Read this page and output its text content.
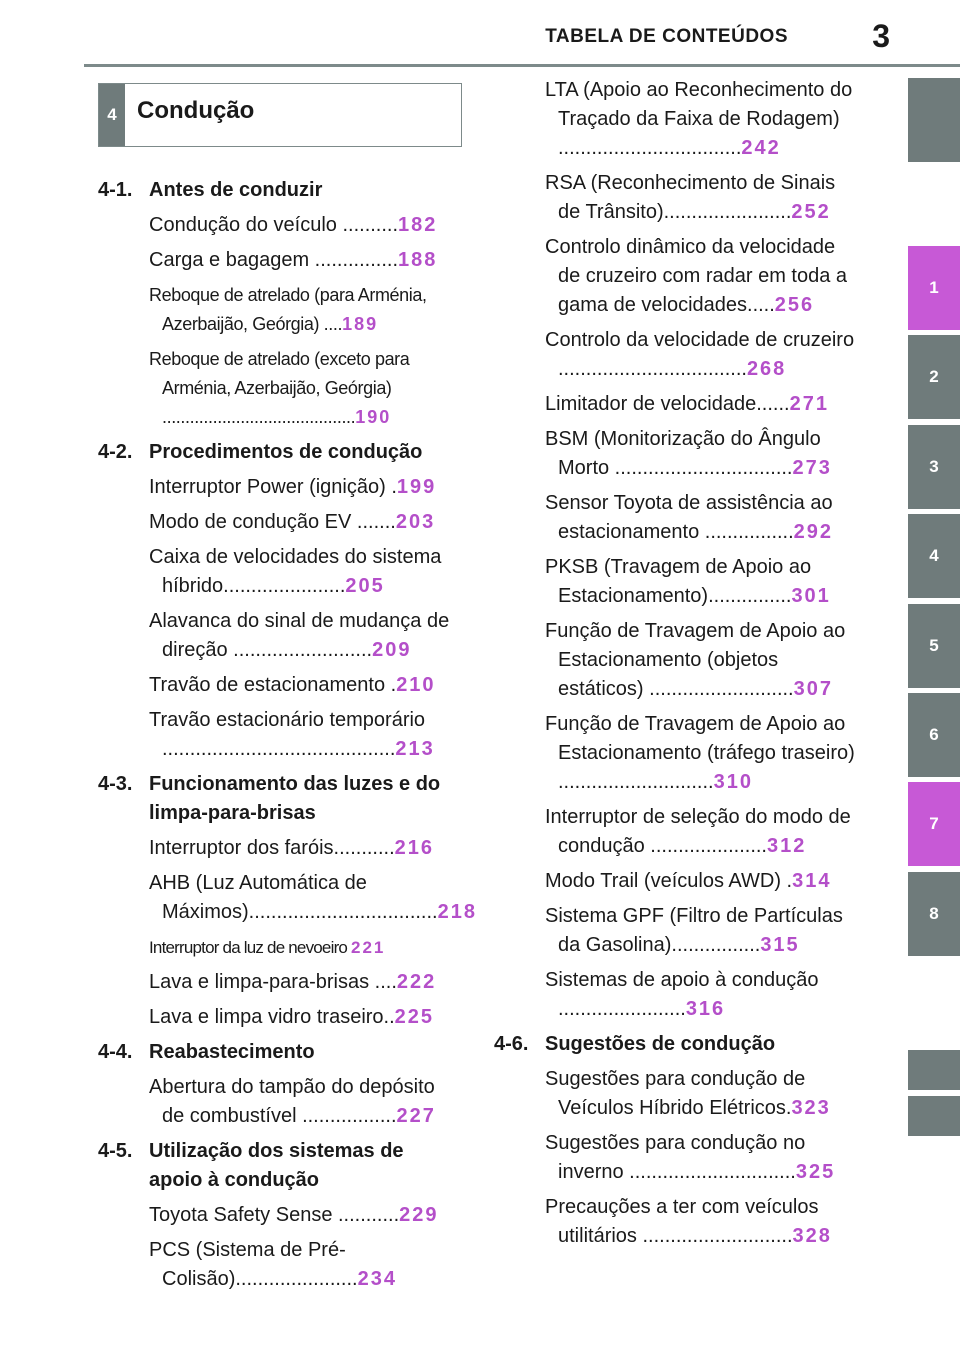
TABELA DE CONTEÚDOS	3
1
2
3
4
5
6
7
8
4 Condução
4-1. Antes de conduzir
Condução do veículo ..........182
Carga e bagagem ...............188
Reboque de atrelado (para Arménia, Azerbaijão, Geórgia) ....189
Reboque de atrelado (exceto para Arménia, Azerbaijão, Geórgia) ..........................................190
4-2. Procedimentos de condução
Interruptor Power (ignição) .199
Modo de condução EV .......203
Caixa de velocidades do sistema híbrido......................205
Alavanca do sinal de mudança de direção .........................209
Travão de estacionamento .210
Travão estacionário temporário ..........................................213
4-3. Funcionamento das luzes e do limpa-para-brisas
Interruptor dos faróis...........216
AHB (Luz Automática de Máximos)..................................218
Interruptor da luz de nevoeiro 221
Lava e limpa-para-brisas ....222
Lava e limpa vidro traseiro..225
4-4. Reabastecimento
Abertura do tampão do depósito de combustível .................227
4-5. Utilização dos sistemas de apoio à condução
Toyota Safety Sense ...........229
PCS (Sistema de Pré-Colisão)......................234
LTA (Apoio ao Reconhecimento do Traçado da Faixa de Rodagem) .................................242
RSA (Reconhecimento de Sinais de Trânsito).......................252
Controlo dinâmico da velocidade de cruzeiro com radar em toda a gama de velocidades.....256
Controlo da velocidade de cruzeiro ..................................268
Limitador de velocidade......271
BSM (Monitorização do Ângulo Morto ................................273
Sensor Toyota de assistência ao estacionamento ................292
PKSB (Travagem de Apoio ao Estacionamento)...............301
Função de Travagem de Apoio ao Estacionamento (objetos estáticos) ..........................307
Função de Travagem de Apoio ao Estacionamento (tráfego traseiro) ............................310
Interruptor de seleção do modo de condução .....................312
Modo Trail (veículos AWD) .314
Sistema GPF (Filtro de Partículas da Gasolina)................315
Sistemas de apoio à condução .......................316
4-6. Sugestões de condução
Sugestões para condução de Veículos Híbrido Elétricos.323
Sugestões para condução no inverno ..............................325
Precauções a ter com veículos utilitários ...........................328
